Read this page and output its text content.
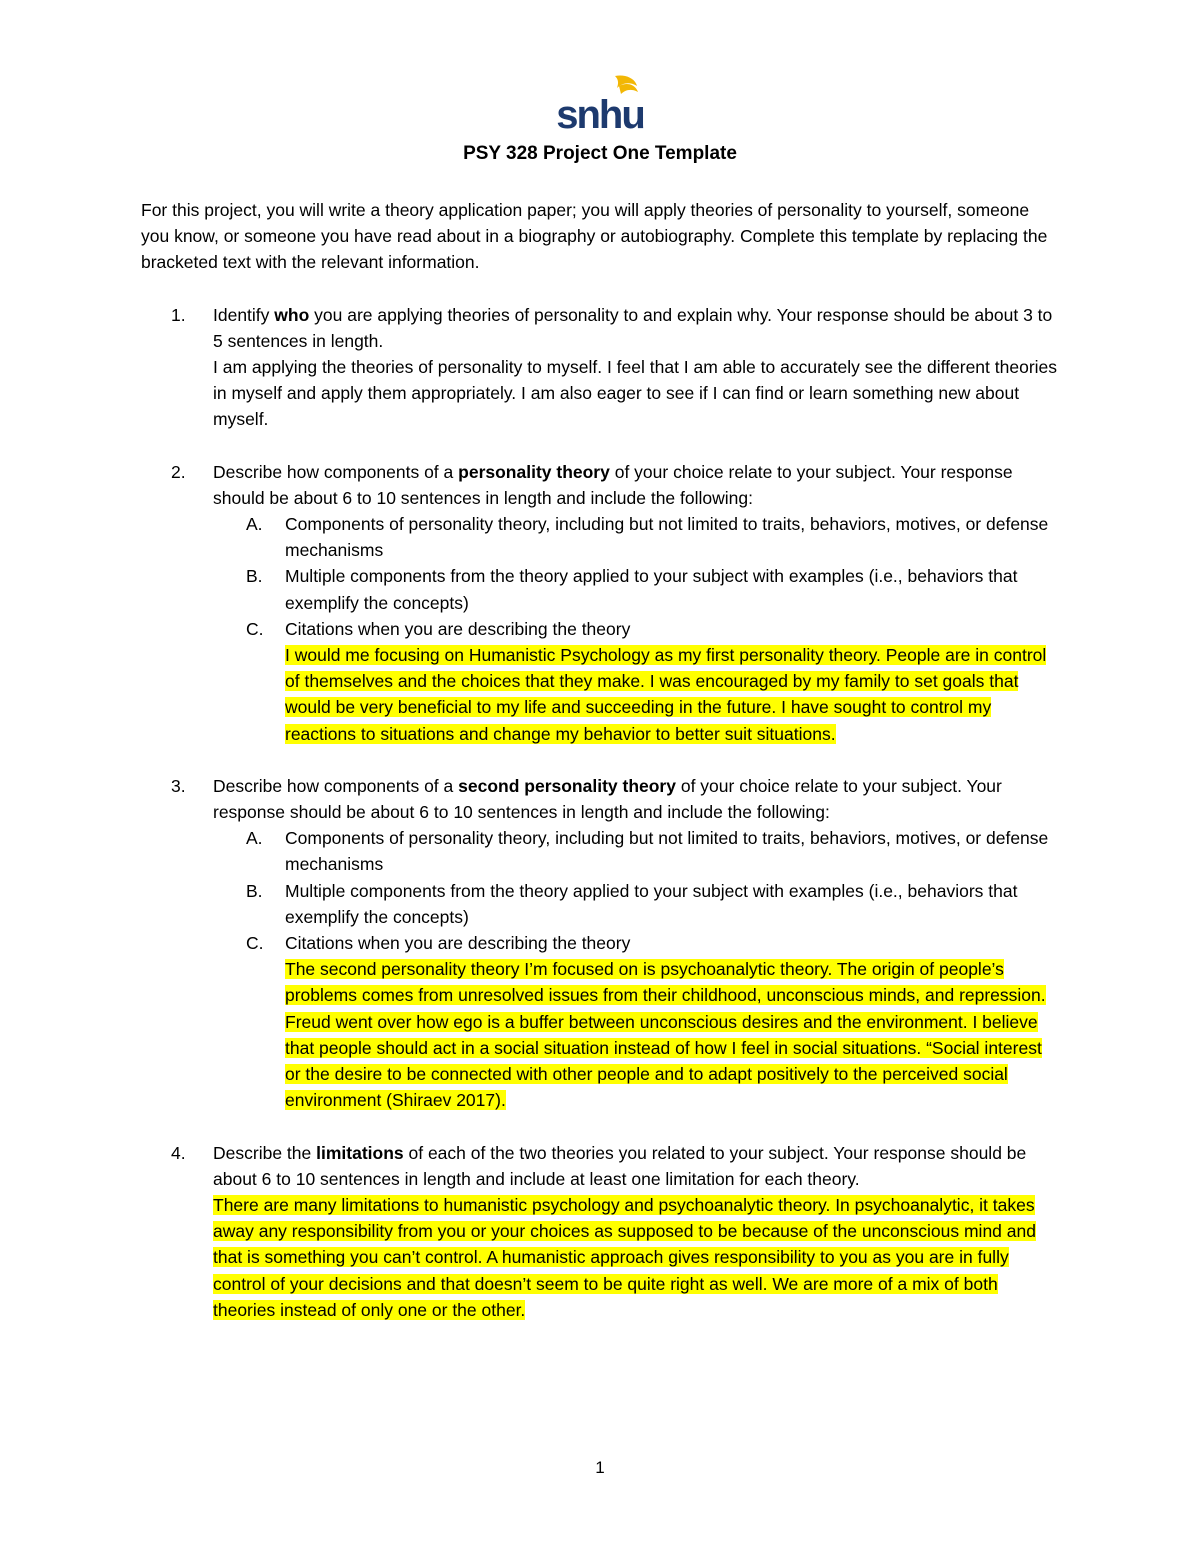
snhu
PSY 328 Project One Template

For this project, you will write a theory application paper; you will apply theories of personality to yourself, someone you know, or someone you have read about in a biography or autobiography. Complete this template by replacing the bracketed text with the relevant information.

1. Identify who you are applying theories of personality to and explain why. Your response should be about 3 to 5 sentences in length.
I am applying the theories of personality to myself. I feel that I am able to accurately see the different theories in myself and apply them appropriately. I am also eager to see if I can find or learn something new about myself.
2. Describe how components of a personality theory of your choice relate to your subject. Your response should be about 6 to 10 sentences in length and include the following:
A. Components of personality theory, including but not limited to traits, behaviors, motives, or defense mechanisms
B. Multiple components from the theory applied to your subject with examples (i.e., behaviors that exemplify the concepts)
C. Citations when you are describing the theory
I would me focusing on Humanistic Psychology as my first personality theory. People are in control of themselves and the choices that they make. I was encouraged by my family to set goals that would be very beneficial to my life and succeeding in the future. I have sought to control my reactions to situations and change my behavior to better suit situations.
3. Describe how components of a second personality theory of your choice relate to your subject. Your response should be about 6 to 10 sentences in length and include the following:
A. Components of personality theory, including but not limited to traits, behaviors, motives, or defense mechanisms
B. Multiple components from the theory applied to your subject with examples (i.e., behaviors that exemplify the concepts)
C. Citations when you are describing the theory
The second personality theory I’m focused on is psychoanalytic theory. The origin of people’s problems comes from unresolved issues from their childhood, unconscious minds, and repression. Freud went over how ego is a buffer between unconscious desires and the environment. I believe that people should act in a social situation instead of how I feel in social situations. “Social interest or the desire to be connected with other people and to adapt positively to the perceived social environment (Shiraev 2017).
4. Describe the limitations of each of the two theories you related to your subject. Your response should be about 6 to 10 sentences in length and include at least one limitation for each theory.
There are many limitations to humanistic psychology and psychoanalytic theory. In psychoanalytic, it takes away any responsibility from you or your choices as supposed to be because of the unconscious mind and that is something you can’t control. A humanistic approach gives responsibility to you as you are in fully control of your decisions and that doesn’t seem to be quite right as well. We are more of a mix of both theories instead of only one or the other.
1
